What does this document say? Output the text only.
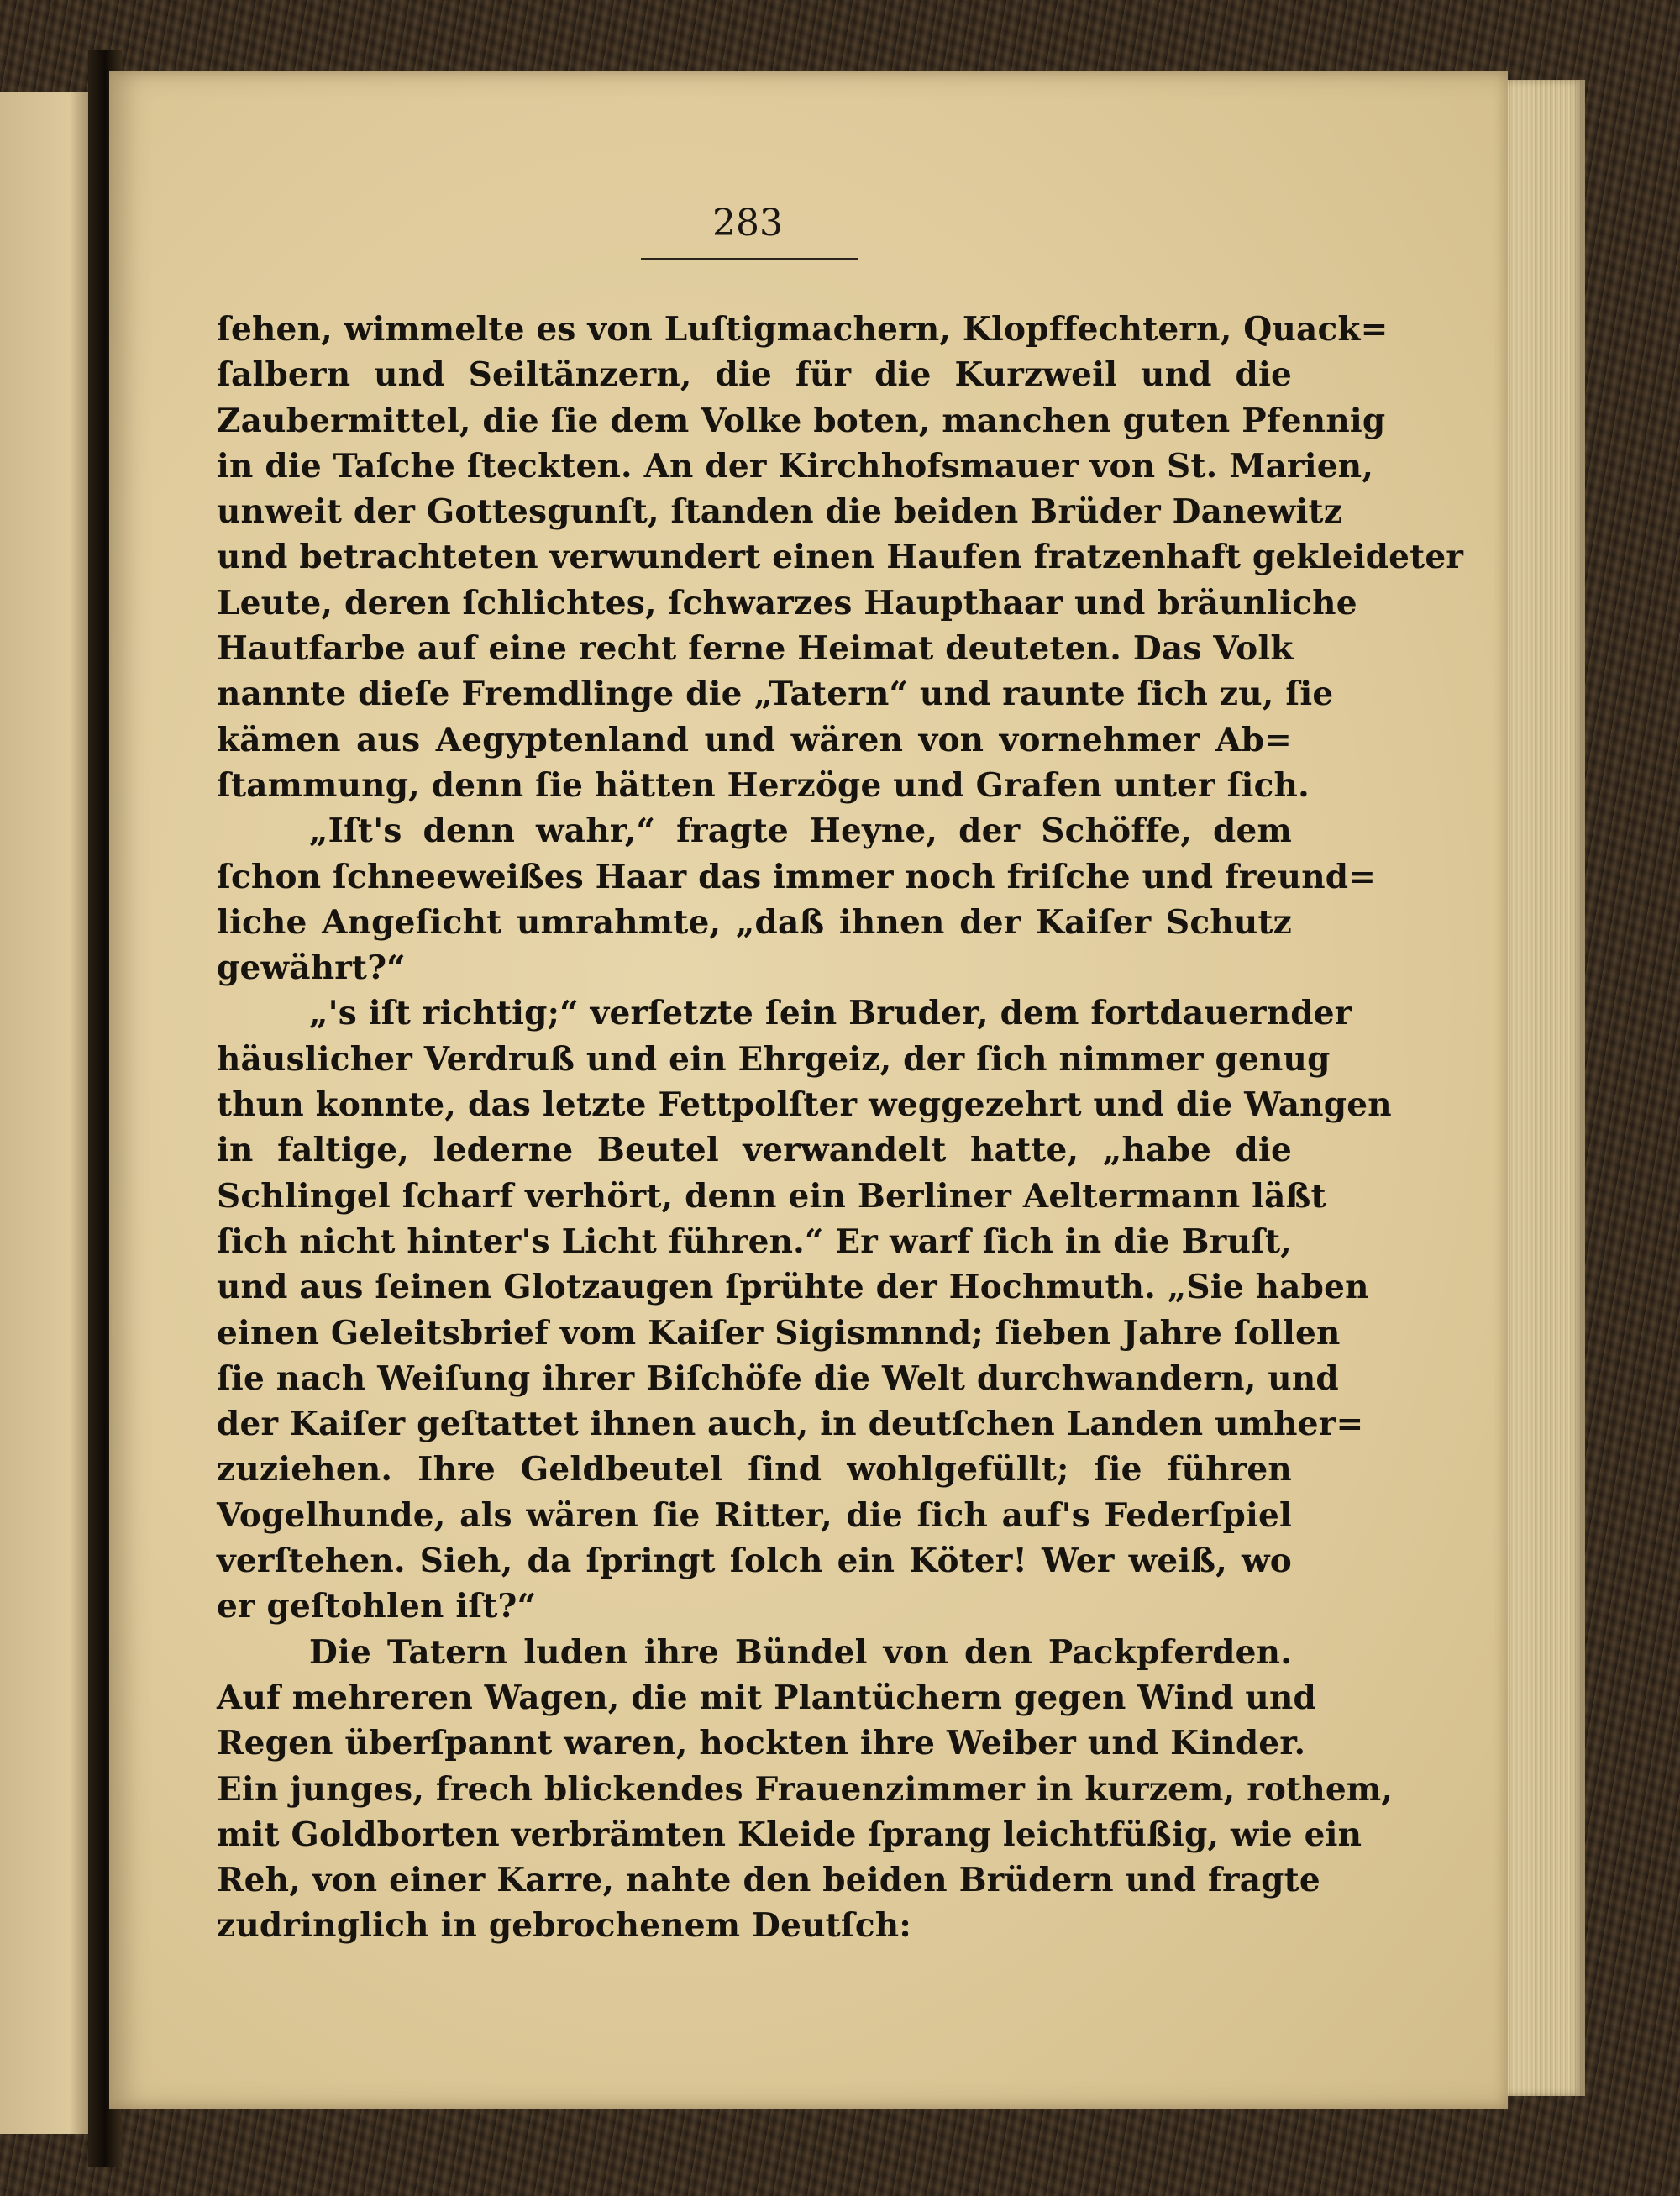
283
ſehen, wimmelte es von Luſtigmachern, Klopffechtern, Quack=
ſalbern und Seiltänzern, die für die Kurzweil und die
Zaubermittel, die ſie dem Volke boten, manchen guten Pfennig
in die Taſche ſteckten. An der Kirchhofsmauer von St. Marien,
unweit der Gottesgunſt, ſtanden die beiden Brüder Danewitz
und betrachteten verwundert einen Haufen fratzenhaft gekleideter
Leute, deren ſchlichtes, ſchwarzes Haupthaar und bräunliche
Hautfarbe auf eine recht ferne Heimat deuteten. Das Volk
nannte dieſe Fremdlinge die „Tatern“ und raunte ſich zu, ſie
kämen aus Aegyptenland und wären von vornehmer Ab=
ſtammung, denn ſie hätten Herzöge und Grafen unter ſich.
„Iſt's denn wahr,“ fragte Heyne, der Schöffe, dem
ſchon ſchneeweißes Haar das immer noch friſche und freund=
liche Angeſicht umrahmte, „daß ihnen der Kaiſer Schutz
gewährt?“
„'s iſt richtig;“ verſetzte ſein Bruder, dem fortdauernder
häuslicher Verdruß und ein Ehrgeiz, der ſich nimmer genug
thun konnte, das letzte Fettpolſter weggezehrt und die Wangen
in faltige, lederne Beutel verwandelt hatte, „habe die
Schlingel ſcharf verhört, denn ein Berliner Aeltermann läßt
ſich nicht hinter's Licht führen.“ Er warf ſich in die Bruſt,
und aus ſeinen Glotzaugen ſprühte der Hochmuth. „Sie haben
einen Geleitsbrief vom Kaiſer Sigismnnd; ſieben Jahre ſollen
ſie nach Weiſung ihrer Biſchöfe die Welt durchwandern, und
der Kaiſer geſtattet ihnen auch, in deutſchen Landen umher=
zuziehen. Ihre Geldbeutel ſind wohlgefüllt; ſie führen
Vogelhunde, als wären ſie Ritter, die ſich auf's Federſpiel
verſtehen. Sieh, da ſpringt ſolch ein Köter! Wer weiß, wo
er geſtohlen iſt?“
Die Tatern luden ihre Bündel von den Packpferden.
Auf mehreren Wagen, die mit Plantüchern gegen Wind und
Regen überſpannt waren, hockten ihre Weiber und Kinder.
Ein junges, frech blickendes Frauenzimmer in kurzem, rothem,
mit Goldborten verbrämten Kleide ſprang leichtfüßig, wie ein
Reh, von einer Karre, nahte den beiden Brüdern und fragte
zudringlich in gebrochenem Deutſch:
